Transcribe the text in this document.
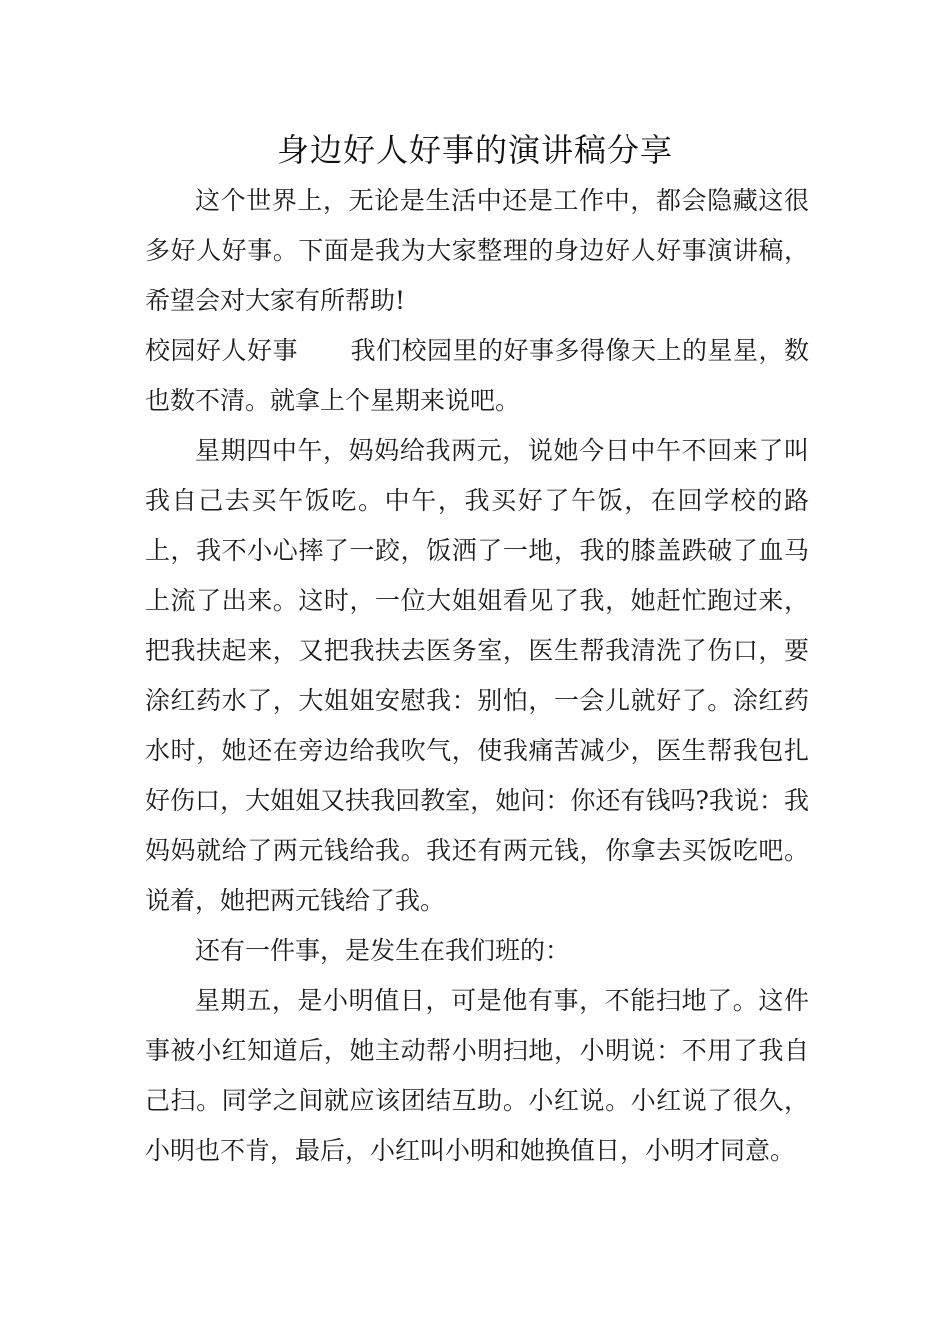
身边好人好事的演讲稿分享

这个世界上，无论是生活中还是工作中，都会隐藏这很多好人好事。下面是我为大家整理的身边好人好事演讲稿，希望会对大家有所帮助!

校园好人好事 我们校园里的好事多得像天上的星星，数也数不清。就拿上个星期来说吧。

星期四中午，妈妈给我两元，说她今日中午不回来了叫我自己去买午饭吃。中午，我买好了午饭，在回学校的路上，我不小心摔了一跤，饭洒了一地，我的膝盖跌破了血马上流了出来。这时，一位大姐姐看见了我，她赶忙跑过来，把我扶起来，又把我扶去医务室，医生帮我清洗了伤口，要涂红药水了，大姐姐安慰我：别怕，一会儿就好了。涂红药水时，她还在旁边给我吹气，使我痛苦减少，医生帮我包扎好伤口，大姐姐又扶我回教室，她问：你还有钱吗?我说：我妈妈就给了两元钱给我。我还有两元钱，你拿去买饭吃吧。说着，她把两元钱给了我。

还有一件事，是发生在我们班的：

星期五，是小明值日，可是他有事，不能扫地了。这件事被小红知道后，她主动帮小明扫地，小明说：不用了我自己扫。同学之间就应该团结互助。小红说。小红说了很久，小明也不肯，最后，小红叫小明和她换值日，小明才同意。
